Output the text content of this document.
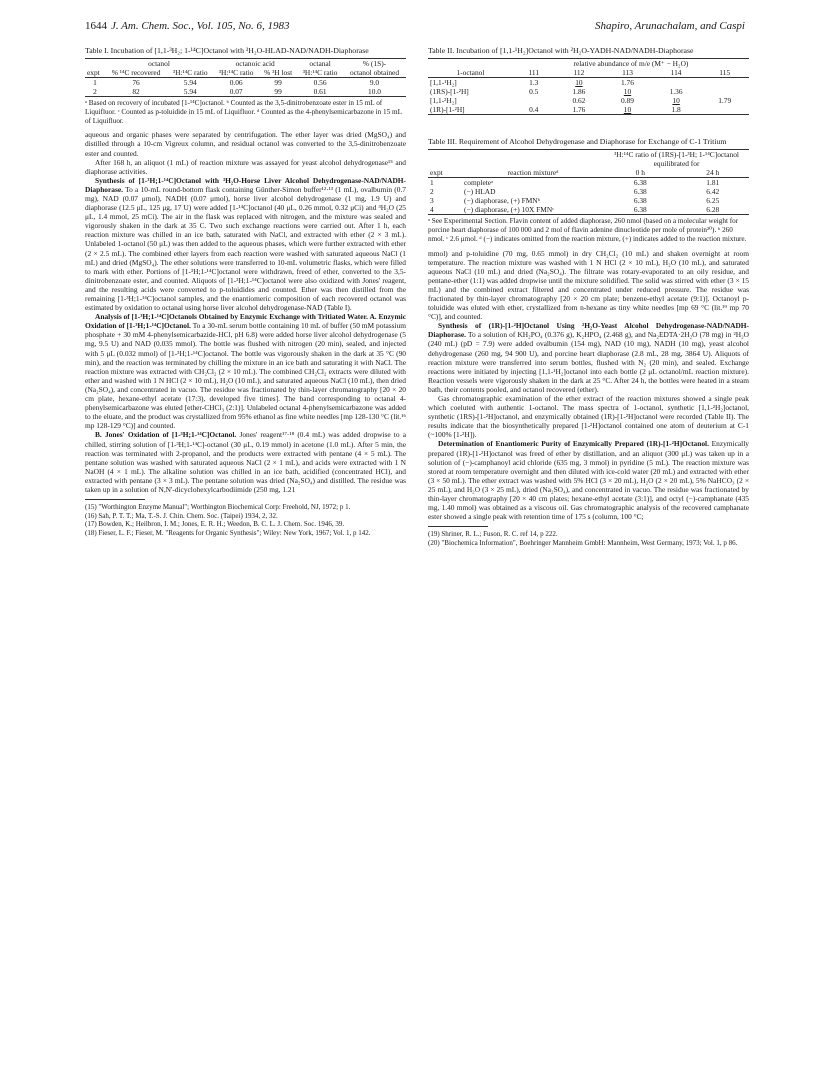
1644 J. Am. Chem. Soc., Vol. 105, No. 6, 1983	Shapiro, Arunachalam, and Caspi
Table I. Incubation of [1,1-³H₂; 1-¹⁴C]Octanol with ³H₂O-HLAD-NAD/NADH-Diaphorase
	octanol		octanoic acid		octanal	% (1S)-
expt	% ¹⁴C recovered	³H:¹⁴C ratio	³H:¹⁴C ratio	% ³H lost	³H:¹⁴C ratio	octanol obtained
1	76	5.94	0.06	99	0.56	9.0
2	82	5.94	0.07	99	0.61	10.0
ᵃ Based on recovery of incubated [1-¹⁴C]octanol. ᵇ Counted as the 3,5-dinitrobenzoate ester in 15 mL of Liquifluor. ᶜ Counted as p-toluidide in 15 mL of Liquifluor. ᵈ Counted as the 4-phenylsemicarbazone in 15 mL of Liquifluor.

aqueous and organic phases were separated by centrifugation. The ether layer was dried (MgSO₄) and distilled through a 10-cm Vigreux column, and residual octanol was converted to the 3,5-dinitrobenzoate ester and counted.

After 168 h, an aliquot (1 mL) of reaction mixture was assayed for yeast alcohol dehydrogenase¹⁵ and diaphorase activities.

Synthesis of [1-³H;1-¹⁴C]Octanol with ³H₂O-Horse Liver Alcohol Dehydrogenase-NAD/NADH-Diaphorase. To a 10-mL round-bottom flask containing Günther-Simon buffer¹²·¹³ (1 mL), ovalbumin (0.7 mg), NAD (0.07 μmol), NADH (0.07 μmol), horse liver alcohol dehydrogenase (1 mg, 1.9 U) and diaphorase (12.5 μL, 125 μg, 17 U) were added [1-¹⁴C]octanol (40 μL, 0.26 mmol, 0.32 μCi) and ³H₂O (25 μL, 1.4 mmol, 25 mCi). The air in the flask was replaced with nitrogen, and the mixture was sealed and vigorously shaken in the dark at 35 C. Two such exchange reactions were carried out. After 1 h, each reaction mixture was chilled in an ice bath, saturated with NaCl, and extracted with ether (2 × 3 mL). Unlabeled 1-octanol (50 μL) was then added to the aqueous phases, which were further extracted with ether (2 × 2.5 mL). The combined ether layers from each reaction were washed with saturated aqueous NaCl (1 mL) and dried (MgSO₄). The ether solutions were transferred to 10-mL volumetric flasks, which were filled to mark with ether. Portions of [1-³H;1-¹⁴C]octanol were withdrawn, freed of ether, converted to the 3,5-dinitrobenzoate ester, and counted. Aliquots of [1-³H;1-¹⁴C]octanol were also oxidized with Jones' reagent, and the resulting acids were converted to p-toluidides and counted. Ether was then distilled from the remaining [1-³H;1-¹⁴C]octanol samples, and the enantiomeric composition of each recovered octanol was estimated by oxidation to octanal using horse liver alcohol dehydrogenase-NAD (Table I).

Analysis of [1-³H;1-¹⁴C]Octanols Obtained by Enzymic Exchange with Tritiated Water. A. Enzymic Oxidation of [1-³H;1-¹⁴C]Octanol. To a 30-mL serum bottle containing 10 mL of buffer (50 mM potassium phosphate + 30 mM 4-phenylsemicarbazide-HCl, pH 6.8) were added horse liver alcohol dehydrogenase (5 mg, 9.5 U) and NAD (0.035 mmol). The bottle was flushed with nitrogen (20 min), sealed, and injected with 5 μL (0.032 mmol) of [1-³H;1-¹⁴C]octanol. The bottle was vigorously shaken in the dark at 35 °C (90 min), and the reaction was terminated by chilling the mixture in an ice bath and saturating it with NaCl. The reaction mixture was extracted with CH₂Cl₂ (2 × 10 mL). The combined CH₂Cl₂ extracts were diluted with ether and washed with 1 N HCl (2 × 10 mL), H₂O (10 mL), and saturated aqueous NaCl (10 mL), then dried (Na₂SO₄), and concentrated in vacuo. The residue was fractionated by thin-layer chromatography [20 × 20 cm plate, hexane-ethyl acetate (17:3), developed five times]. The band corresponding to octanal 4-phenylsemicarbazone was eluted [ether-CHCl₃ (2:1)]. Unlabeled octanal 4-phenylsemicarbazone was added to the eluate, and the product was crystallized from 95% ethanol as fine white needles [mp 128-130 °C (lit.¹⁶ mp 128-129 °C)] and counted.

B. Jones' Oxidation of [1-³H;1-¹⁴C]Octanol. Jones' reagent¹⁷·¹⁸ (0.4 mL) was added dropwise to a chilled, stirring solution of [1-³H;1-¹⁴C]-octanol (30 μL, 0.19 mmol) in acetone (1.0 mL). After 5 min, the reaction was terminated with 2-propanol, and the products were extracted with pentane (4 × 5 mL). The pentane solution was washed with saturated aqueous NaCl (2 × 1 mL), and acids were extracted with 1 N NaOH (4 × 1 mL). The alkaline solution was chilled in an ice bath, acidified (concentrated HCl), and extracted with pentane (3 × 3 mL). The pentane solution was dried (Na₂SO₄) and distilled. The residue was taken up in a solution of N,N'-dicyclohexylcarbodiimide (250 mg, 1.21

(15) "Worthington Enzyme Manual"; Worthington Biochemical Corp: Freehold, NJ, 1972; p 1.

(16) Sah, P. T. T.; Ma, T.-S. J. Chin. Chem. Soc. (Taipei) 1934, 2, 32.

(17) Bowden, K.; Heilbron, I. M.; Jones, E. R. H.; Weedon, B. C. L. J. Chem. Soc. 1946, 39.

(18) Fieser, L. F.; Fieser, M. "Reagents for Organic Synthesis"; Wiley: New York, 1967; Vol. 1, p 142.

Table II. Incubation of [1,1-¹H₂]Octanol with ²H₂O-YADH-NAD/NADH-Diaphorase
	relative abundance of m/e (M⁺ − H₂O)				
1-octanol	111	112	113	114	115
[1,1-¹H₂]	1.3	10	1.76		
(1RS)-[1-²H]	0.5	1.86	10	1.36	
[1,1-²H₂]		0.62	0.89	10	1.79
(1R)-[1-²H]	0.4	1.76	10	1.8	
Table III. Requirement of Alcohol Dehydrogenase and Diaphorase for Exchange of C-1 Tritium
		³H:¹⁴C ratio of (1RS)-[1-³H; 1-¹⁴C]octanol equilibrated for	
expt	reaction mixtureᵈ	0 h	24 h
1	completeᵃ	6.38	1.81
2	(−) HLAD	6.38	6.42
3	(−) diaphorase, (+) FMNᵇ	6.38	6.25
4	(−) diaphorase, (+) 10X FMNᶜ	6.38	6.28
ᵃ See Experimental Section. Flavin content of added diaphorase, 260 nmol (based on a molecular weight for porcine heart diaphorase of 100 000 and 2 mol of flavin adenine dinucleotide per mole of protein²⁰). ᵇ 260 nmol. ᶜ 2.6 μmol. ᵈ (−) indicates omitted from the reaction mixture, (+) indicates added to the reaction mixture.

mmol) and p-toluidine (70 mg, 0.65 mmol) in dry CH₂Cl₂ (10 mL) and shaken overnight at room temperature. The reaction mixture was washed with 1 N HCl (2 × 10 mL), H₂O (10 mL), and saturated aqueous NaCl (10 mL) and dried (Na₂SO₄). The filtrate was rotary-evaporated to an oily residue, and pentane-ether (1:1) was added dropwise until the mixture solidified. The solid was stirred with ether (3 × 15 mL) and the combined extract filtered and concentrated under reduced pressure. The residue was fractionated by thin-layer chromatography [20 × 20 cm plate; benzene-ethyl acetate (9:1)]. Octanoyl p-toluidide was eluted with ether, crystallized from n-hexane as tiny white needles [mp 69 °C (lit.¹⁹ mp 70 °C)], and counted.

Synthesis of (1R)-[1-²H]Octanol Using ²H₂O-Yeast Alcohol Dehydrogenase-NAD/NADH-Diaphorase. To a solution of KH₂PO₄ (0.376 g), K₂HPO₄ (2.468 g), and Na₂EDTA·2H₂O (78 mg) in ²H₂O (240 mL) (pD = 7.9) were added ovalbumin (154 mg), NAD (10 mg), NADH (10 mg), yeast alcohol dehydrogenase (260 mg, 94 900 U), and porcine heart diaphorase (2.8 mL, 28 mg, 3864 U). Aliquots of reaction mixture were transferred into serum bottles, flushed with N₂ (20 min), and sealed. Exchange reactions were initiated by injecting [1,1-¹H₂]octanol into each bottle (2 μL octanol/mL reaction mixture). Reaction vessels were vigorously shaken in the dark at 25 °C. After 24 h, the bottles were heated in a steam bath, their contents pooled, and octanol recovered (ether).

Gas chromatographic examination of the ether extract of the reaction mixtures showed a single peak which coeluted with authentic 1-octanol. The mass spectra of 1-octanol, synthetic [1,1-²H₂]octanol, synthetic (1RS)-[1-²H]octanol, and enzymically obtained (1R)-[1-²H]octanol were recorded (Table II). The results indicate that the biosynthetically prepared [1-²H]octanol contained one atom of deuterium at C-1 (~100% [1-²H]).

Determination of Enantiomeric Purity of Enzymically Prepared (1R)-[1-²H]Octanol. Enzymically prepared (1R)-[1-²H]octanol was freed of ether by distillation, and an aliquot (300 μL) was taken up in a solution of (−)-camphanoyl acid chloride (635 mg, 3 mmol) in pyridine (5 mL). The reaction mixture was stored at room temperature overnight and then diluted with ice-cold water (20 mL) and extracted with ether (3 × 50 mL). The ether extract was washed with 5% HCl (3 × 20 mL), H₂O (2 × 20 mL), 5% NaHCO₃ (2 × 25 mL), and H₂O (3 × 25 mL), dried (Na₂SO₄), and concentrated in vacuo. The residue was fractionated by thin-layer chromatography [20 × 40 cm plates; hexane-ethyl acetate (3:1)], and octyl (−)-camphanate (435 mg, 1.40 mmol) was obtained as a viscous oil. Gas chromatographic analysis of the recovered camphanate ester showed a single peak with retention time of 175 s (column, 100 °C;

(19) Shriner, R. L.; Fuson, R. C. ref 14, p 222.

(20) "Biochemica Information", Boehringer Mannheim GmbH: Mannheim, West Germany, 1973; Vol. 1, p 86.
